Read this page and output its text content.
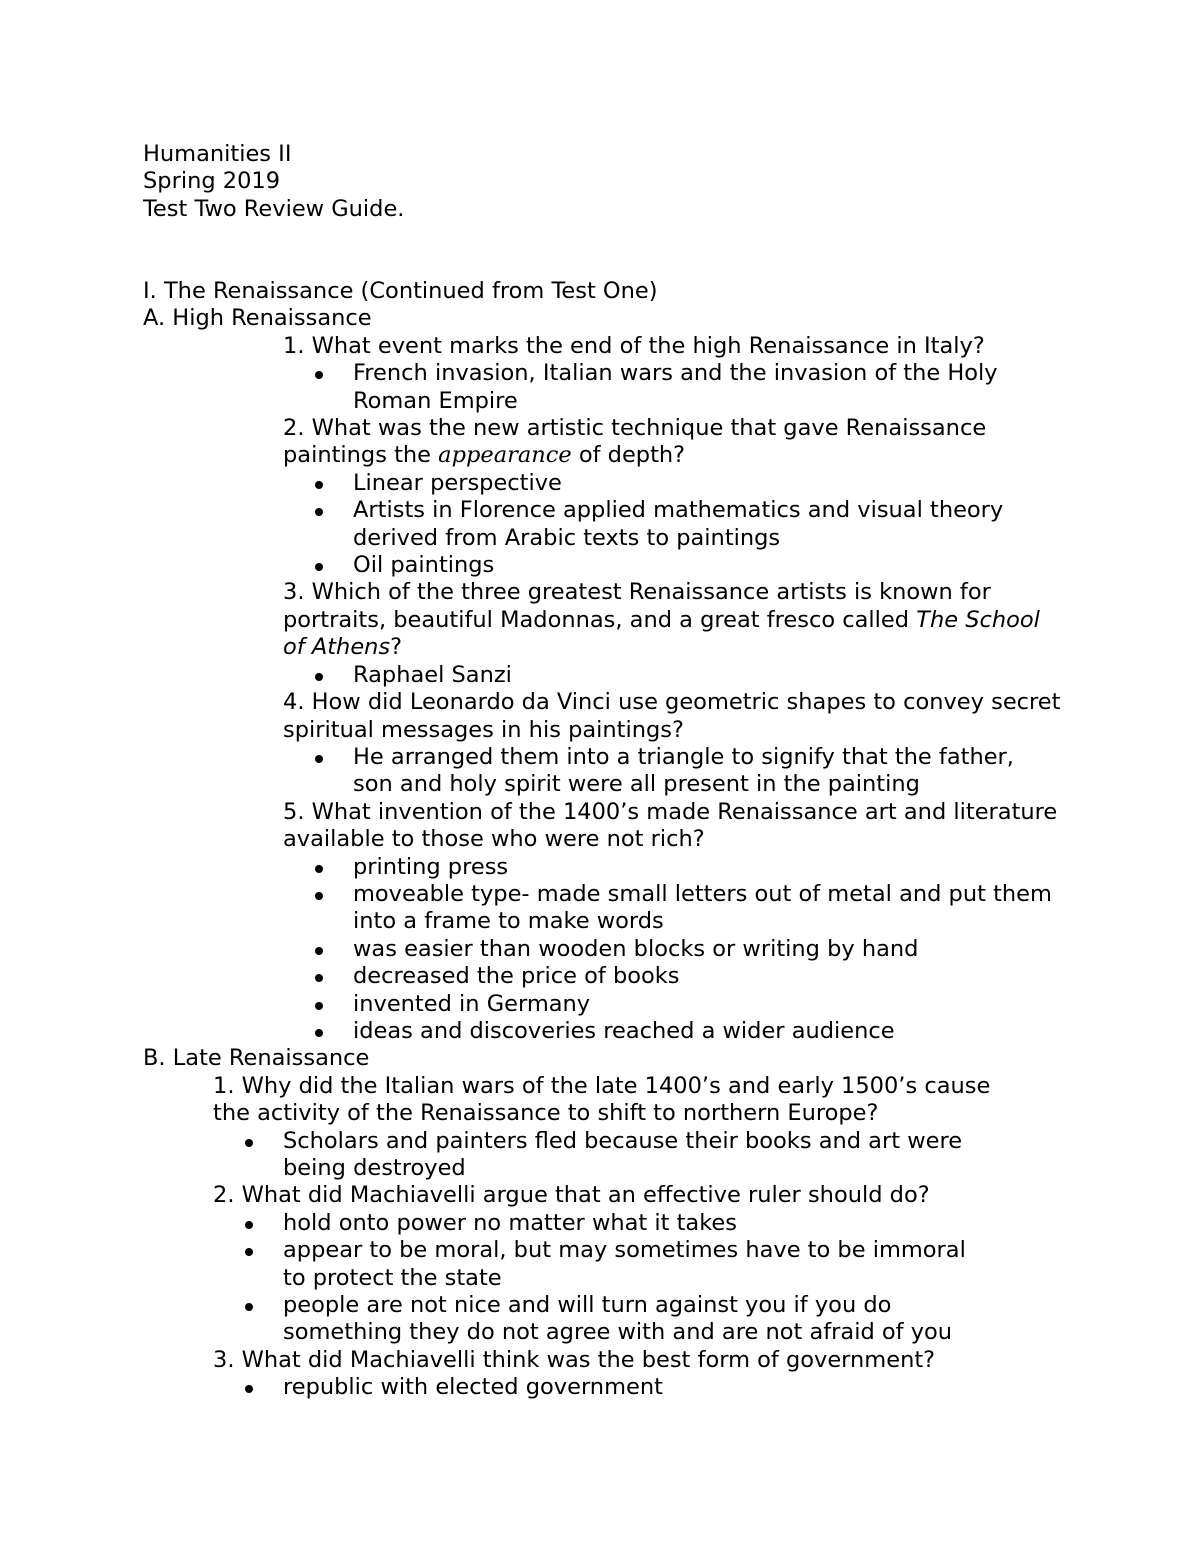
Humanities II

Spring 2019

Test Two Review Guide.

I. The Renaissance (Continued from Test One)

A. High Renaissance

1. What event marks the end of the high Renaissance in Italy?

French invasion, Italian wars and the invasion of the Holy Roman Empire

2. What was the new artistic technique that gave Renaissance paintings the appearance of depth?

Linear perspective
Artists in Florence applied mathematics and visual theory derived from Arabic texts to paintings
Oil paintings

3. Which of the three greatest Renaissance artists is known for portraits, beautiful Madonnas, and a great fresco called The School of Athens?

Raphael Sanzi

4. How did Leonardo da Vinci use geometric shapes to convey secret spiritual messages in his paintings?

He arranged them into a triangle to signify that the father, son and holy spirit were all present in the painting

5. What invention of the 1400’s made Renaissance art and literature available to those who were not rich?

printing press
moveable type- made small letters out of metal and put them into a frame to make words
was easier than wooden blocks or writing by hand
decreased the price of books
invented in Germany
ideas and discoveries reached a wider audience

B. Late Renaissance

1. Why did the Italian wars of the late 1400’s and early 1500’s cause the activity of the Renaissance to shift to northern Europe?

Scholars and painters fled because their books and art were being destroyed

2. What did Machiavelli argue that an effective ruler should do?

hold onto power no matter what it takes
appear to be moral, but may sometimes have to be immoral to protect the state
people are not nice and will turn against you if you do something they do not agree with and are not afraid of you

3. What did Machiavelli think was the best form of government?

republic with elected government
